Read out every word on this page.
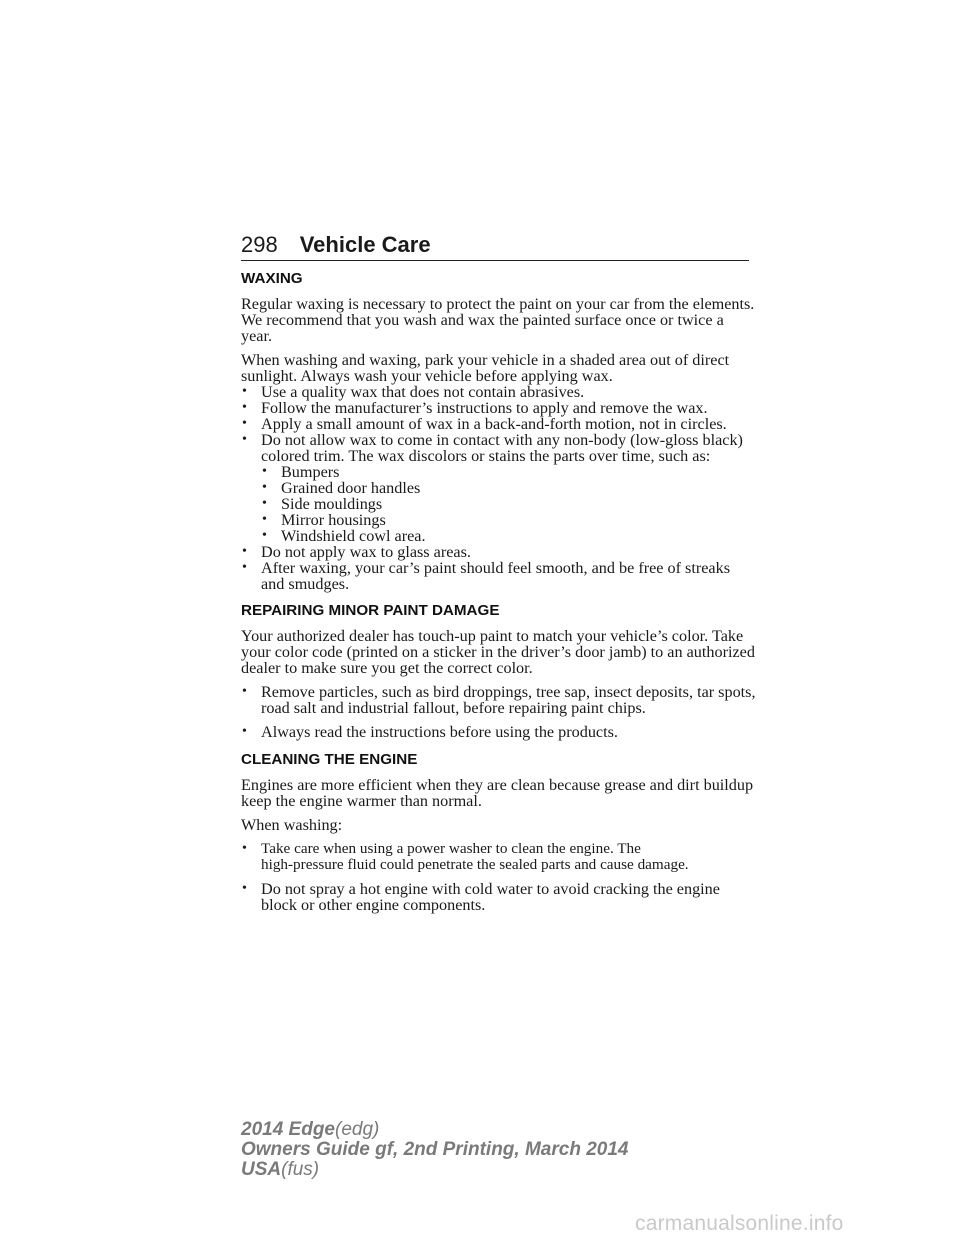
298 Vehicle Care
WAXING

Regular waxing is necessary to protect the paint on your car from the elements. We recommend that you wash and wax the painted surface once or twice a year.

When washing and waxing, park your vehicle in a shaded area out of direct sunlight. Always wash your vehicle before applying wax.

• Use a quality wax that does not contain abrasives.
• Follow the manufacturer’s instructions to apply and remove the wax.
• Apply a small amount of wax in a back-and-forth motion, not in circles.
• Do not allow wax to come in contact with any non-body (low-gloss black) colored trim. The wax discolors or stains the parts over time, such as:
• Bumpers
• Grained door handles
• Side mouldings
• Mirror housings
• Windshield cowl area.
• Do not apply wax to glass areas.
• After waxing, your car’s paint should feel smooth, and be free of streaks and smudges.
REPAIRING MINOR PAINT DAMAGE

Your authorized dealer has touch-up paint to match your vehicle’s color. Take your color code (printed on a sticker in the driver’s door jamb) to an authorized dealer to make sure you get the correct color.

• Remove particles, such as bird droppings, tree sap, insect deposits, tar spots, road salt and industrial fallout, before repairing paint chips.
• Always read the instructions before using the products.
CLEANING THE ENGINE

Engines are more efficient when they are clean because grease and dirt buildup keep the engine warmer than normal.

When washing:

• Take care when using a power washer to clean the engine. The
high-pressure fluid could penetrate the sealed parts and cause damage.
• Do not spray a hot engine with cold water to avoid cracking the engine block or other engine components.
2014 Edge(edg)
Owners Guide gf, 2nd Printing, March 2014
USA(fus)
carmanualsonline.info
